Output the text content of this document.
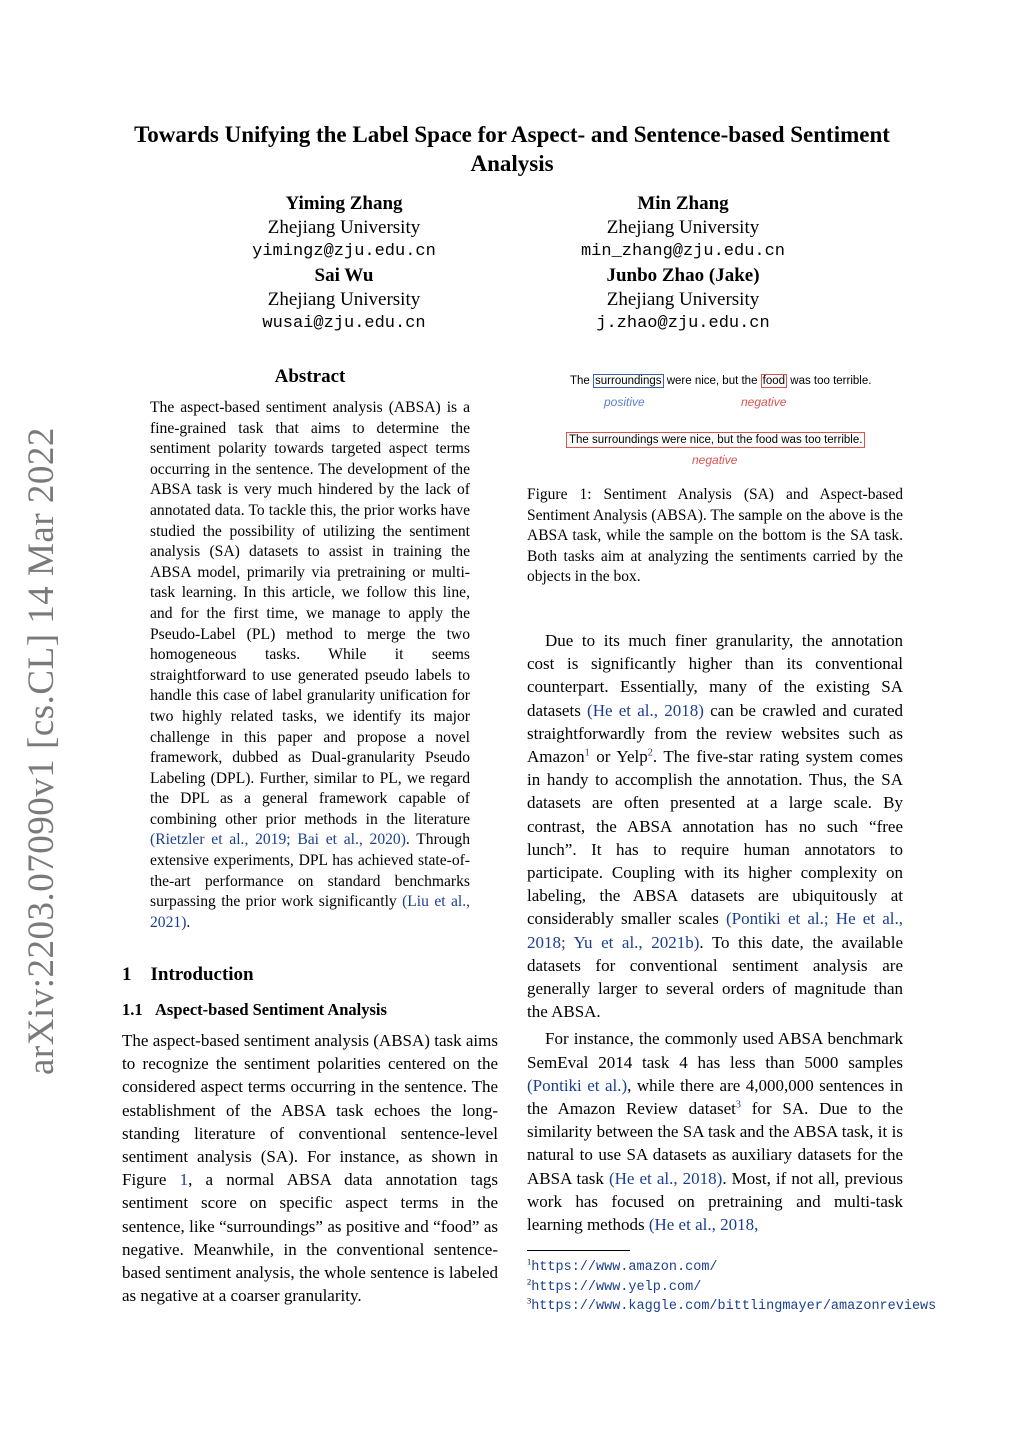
arXiv:2203.07090v1 [cs.CL] 14 Mar 2022
Towards Unifying the Label Space for Aspect- and Sentence-based Sentiment Analysis
Yiming Zhang
Zhejiang University
yimingz@zju.edu.cn
Sai Wu
Zhejiang University
wusai@zju.edu.cn
Min Zhang
Zhejiang University
min_zhang@zju.edu.cn
Junbo Zhao (Jake)
Zhejiang University
j.zhao@zju.edu.cn
Abstract
The aspect-based sentiment analysis (ABSA) is a fine-grained task that aims to determine the sentiment polarity towards targeted aspect terms occurring in the sentence. The development of the ABSA task is very much hindered by the lack of annotated data. To tackle this, the prior works have studied the possibility of utilizing the sentiment analysis (SA) datasets to assist in training the ABSA model, primarily via pretraining or multi-task learning. In this article, we follow this line, and for the first time, we manage to apply the Pseudo-Label (PL) method to merge the two homogeneous tasks. While it seems straightforward to use generated pseudo labels to handle this case of label granularity unification for two highly related tasks, we identify its major challenge in this paper and propose a novel framework, dubbed as Dual-granularity Pseudo Labeling (DPL). Further, similar to PL, we regard the DPL as a general framework capable of combining other prior methods in the literature (Rietzler et al., 2019; Bai et al., 2020). Through extensive experiments, DPL has achieved state-of-the-art performance on standard benchmarks surpassing the prior work significantly (Liu et al., 2021).
1 Introduction
1.1 Aspect-based Sentiment Analysis
The aspect-based sentiment analysis (ABSA) task aims to recognize the sentiment polarities centered on the considered aspect terms occurring in the sentence. The establishment of the ABSA task echoes the long-standing literature of conventional sentence-level sentiment analysis (SA). For instance, as shown in Figure 1, a normal ABSA data annotation tags sentiment score on specific aspect terms in the sentence, like “surroundings” as positive and “food” as negative. Meanwhile, in the conventional sentence-based sentiment analysis, the whole sentence is labeled as negative at a coarser granularity.
The surroundings were nice, but the food was too terrible.
positive	negative
The surroundings were nice, but the food was too terrible.
negative
Figure 1: Sentiment Analysis (SA) and Aspect-based Sentiment Analysis (ABSA). The sample on the above is the ABSA task, while the sample on the bottom is the SA task. Both tasks aim at analyzing the sentiments carried by the objects in the box.

Due to its much finer granularity, the annotation cost is significantly higher than its conventional counterpart. Essentially, many of the existing SA datasets (He et al., 2018) can be crawled and curated straightforwardly from the review websites such as Amazon$^1$ or Yelp$^2$. The five-star rating system comes in handy to accomplish the annotation. Thus, the SA datasets are often presented at a large scale. By contrast, the ABSA annotation has no such “free lunch”. It has to require human annotators to participate. Coupling with its higher complexity on labeling, the ABSA datasets are ubiquitously at considerably smaller scales (Pontiki et al.; He et al., 2018; Yu et al., 2021b). To this date, the available datasets for conventional sentiment analysis are generally larger to several orders of magnitude than the ABSA.

For instance, the commonly used ABSA benchmark SemEval 2014 task 4 has less than 5000 samples (Pontiki et al.), while there are 4,000,000 sentences in the Amazon Review dataset$^3$ for SA. Due to the similarity between the SA task and the ABSA task, it is natural to use SA datasets as auxiliary datasets for the ABSA task (He et al., 2018). Most, if not all, previous work has focused on pretraining and multi-task learning methods (He et al., 2018,

$^1$https://www.amazon.com/
$^2$https://www.yelp.com/
$^3$https://www.kaggle.com/bittlingmayer/amazonreviews
